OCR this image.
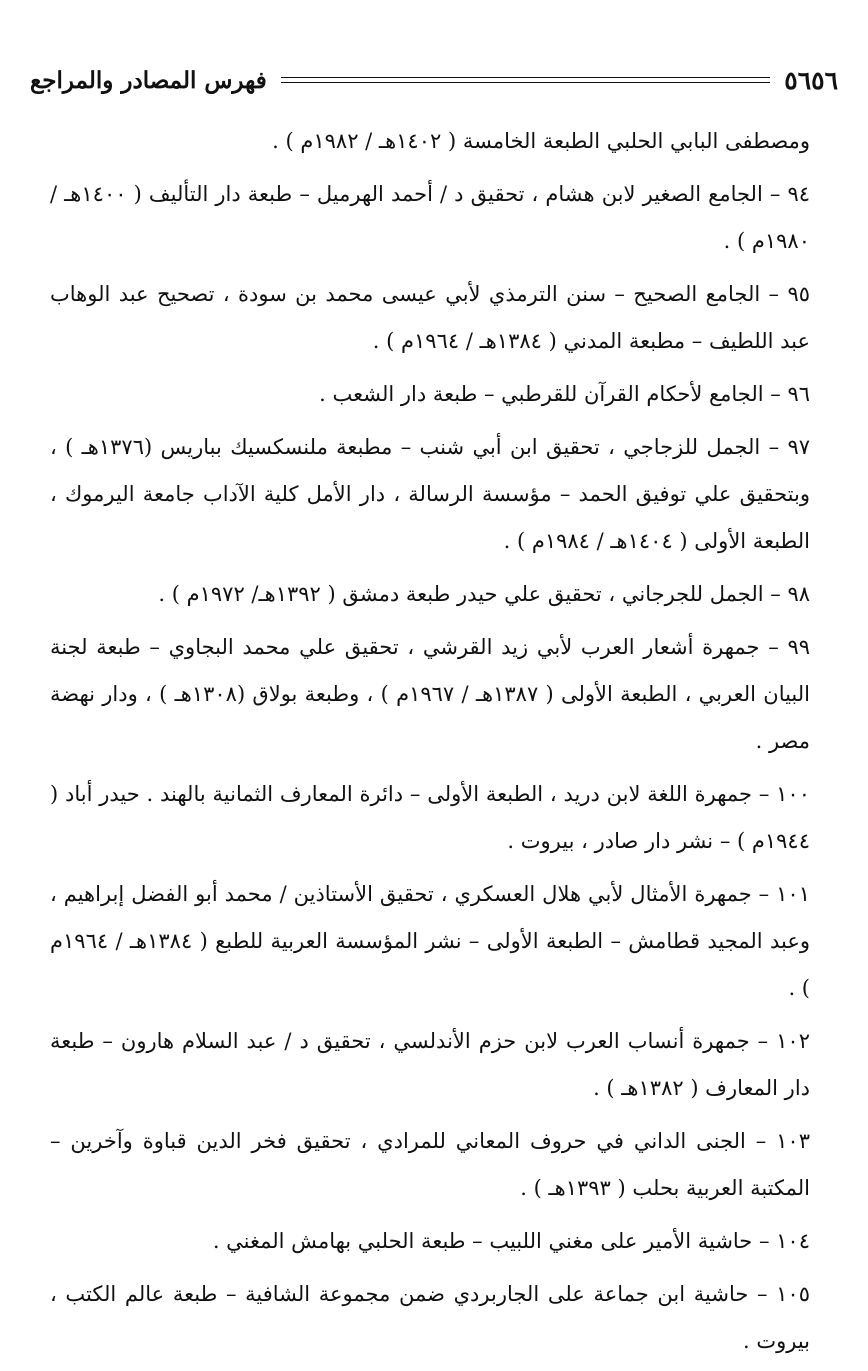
٥٦٥٦
فهرس المصادر والمراجع

ومصطفى البابي الحلبي الطبعة الخامسة ( ١٤٠٢هـ / ١٩٨٢م ) .

٩٤ – الجامع الصغير لابن هشام ، تحقيق د / أحمد الهرميل – طبعة دار التأليف ( ١٤٠٠هـ / ١٩٨٠م ) .

٩٥ – الجامع الصحيح – سنن الترمذي لأبي عيسى محمد بن سودة ، تصحيح عبد الوهاب عبد اللطيف – مطبعة المدني ( ١٣٨٤هـ / ١٩٦٤م ) .

٩٦ – الجامع لأحكام القرآن للقرطبي – طبعة دار الشعب .

٩٧ – الجمل للزجاجي ، تحقيق ابن أبي شنب – مطبعة ملنسكسيك بباريس (١٣٧٦هـ ) ، وبتحقيق علي توفيق الحمد – مؤسسة الرسالة ، دار الأمل كلية الآداب جامعة اليرموك ، الطبعة الأولى ( ١٤٠٤هـ / ١٩٨٤م ) .

٩٨ – الجمل للجرجاني ، تحقيق علي حيدر طبعة دمشق ( ١٣٩٢هـ/ ١٩٧٢م ) .

٩٩ – جمهرة أشعار العرب لأبي زيد القرشي ، تحقيق علي محمد البجاوي – طبعة لجنة البيان العربي ، الطبعة الأولى ( ١٣٨٧هـ / ١٩٦٧م ) ، وطبعة بولاق (١٣٠٨هـ ) ، ودار نهضة مصر .

١٠٠ – جمهرة اللغة لابن دريد ، الطبعة الأولى – دائرة المعارف الثمانية بالهند . حيدر أباد ( ١٩٤٤م ) – نشر دار صادر ، بيروت .

١٠١ – جمهرة الأمثال لأبي هلال العسكري ، تحقيق الأستاذين / محمد أبو الفضل إبراهيم ، وعبد المجيد قطامش – الطبعة الأولى – نشر المؤسسة العربية للطبع ( ١٣٨٤هـ / ١٩٦٤م ) .

١٠٢ – جمهرة أنساب العرب لابن حزم الأندلسي ، تحقيق د / عبد السلام هارون – طبعة دار المعارف ( ١٣٨٢هـ ) .

١٠٣ – الجنى الداني في حروف المعاني للمرادي ، تحقيق فخر الدين قباوة وآخرين – المكتبة العربية بحلب ( ١٣٩٣هـ ) .

١٠٤ – حاشية الأمير على مغني اللبيب – طبعة الحلبي بهامش المغني .

١٠٥ – حاشية ابن جماعة على الجاربردي ضمن مجموعة الشافية – طبعة عالم الكتب ، بيروت .
